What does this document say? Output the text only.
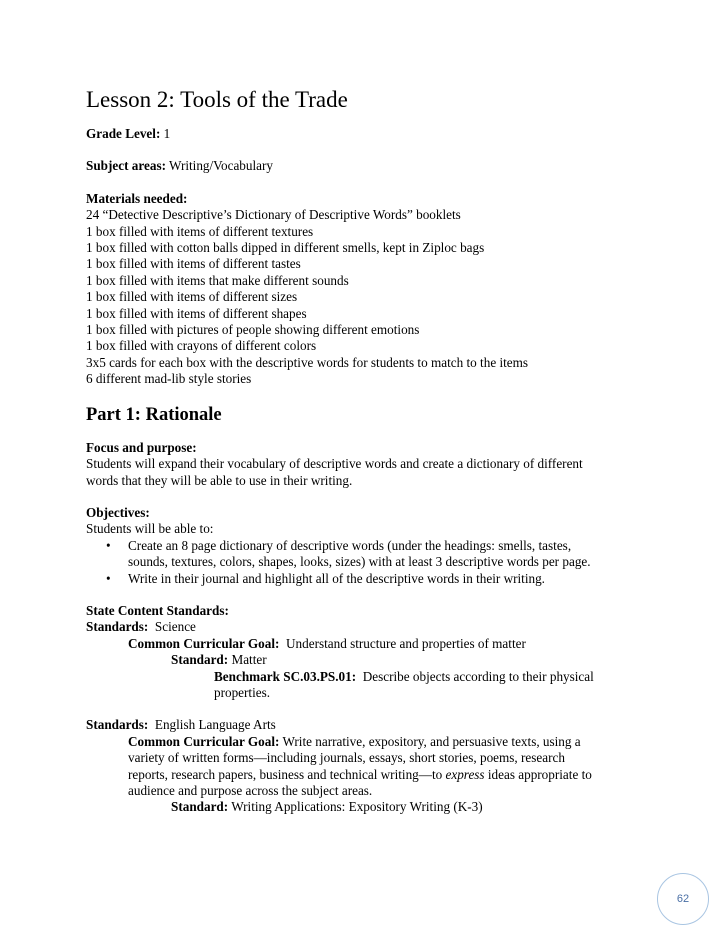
Lesson 2: Tools of the Trade
Grade Level: 1
Subject areas: Writing/Vocabulary
Materials needed:
24 “Detective Descriptive’s Dictionary of Descriptive Words” booklets
1 box filled with items of different textures
1 box filled with cotton balls dipped in different smells, kept in Ziploc bags
1 box filled with items of different tastes
1 box filled with items that make different sounds
1 box filled with items of different sizes
1 box filled with items of different shapes
1 box filled with pictures of people showing different emotions
1 box filled with crayons of different colors
3x5 cards for each box with the descriptive words for students to match to the items
6 different mad-lib style stories
Part 1: Rationale
Focus and purpose:
Students will expand their vocabulary of descriptive words and create a dictionary of different
words that they will be able to use in their writing.
Objectives:
Students will be able to:
• Create an 8 page dictionary of descriptive words (under the headings: smells, tastes,
sounds, textures, colors, shapes, looks, sizes) with at least 3 descriptive words per page.
• Write in their journal and highlight all of the descriptive words in their writing.
State Content Standards:
Standards: Science
Common Curricular Goal: Understand structure and properties of matter
Standard: Matter
Benchmark SC.03.PS.01: Describe objects according to their physical
properties.
Standards: English Language Arts
Common Curricular Goal: Write narrative, expository, and persuasive texts, using a
variety of written forms—including journals, essays, short stories, poems, research
reports, research papers, business and technical writing—to express ideas appropriate to
audience and purpose across the subject areas.
Standard: Writing Applications: Expository Writing (K-3)
62
